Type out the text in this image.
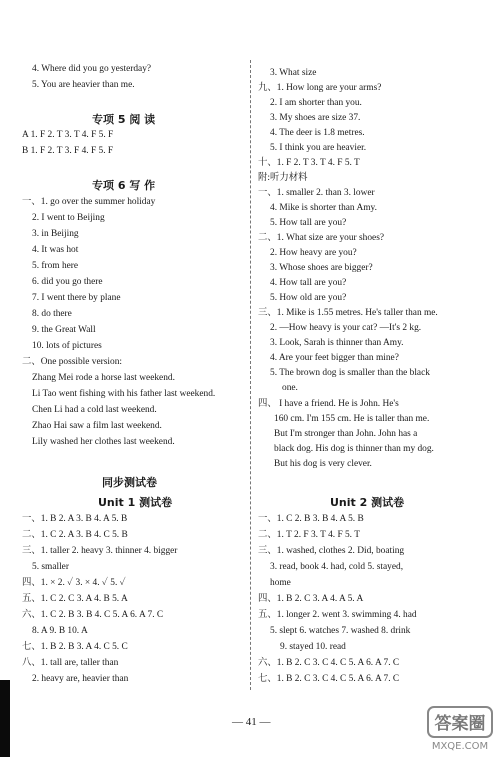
4. Where did you go yesterday?
5. You are heavier than me.
A 1. F 2. T 3. T 4. F 5. F
B 1. F 2. T 3. F 4. F 5. F
一、1. go over the summer holiday
2. I went to Beijing
3. in Beijing
4. It was hot
5. from here
6. did you go there
7. I went there by plane
8. do there
9. the Great Wall
10. lots of pictures
二、One possible version:
Zhang Mei rode a horse last weekend.
Li Tao went fishing with his father last weekend.
Chen Li had a cold last weekend.
Zhao Hai saw a film last weekend.
Lily washed her clothes last weekend.
一、1. B 2. A 3. B 4. A 5. B
二、1. C 2. A 3. B 4. C 5. B
三、1. taller 2. heavy 3. thinner 4. bigger
5. smaller
四、1. × 2. ✓ 3. × 4. ✓ 5. ✓
五、1. C 2. C 3. A 4. B 5. A
六、1. C 2. B 3. B 4. C 5. A 6. A 7. C
8. A 9. B 10. A
七、1. B 2. B 3. A 4. C 5. C
八、1. tall are, taller than
2. heavy are, heavier than
专项 5 阅 读
专项 6 写 作
同步测试卷
Unit 1 测试卷
3. What size
九、1. How long are your arms?
2. I am shorter than you.
3. My shoes are size 37.
4. The deer is 1.8 metres.
5. I think you are heavier.
十、1. F 2. T 3. T 4. F 5. T
附:听力材料
一、1. smaller 2. than 3. lower
4. Mike is shorter than Amy.
5. How tall are you?
二、1. What size are your shoes?
2. How heavy are you?
3. Whose shoes are bigger?
4. How tall are you?
5. How old are you?
三、1. Mike is 1.55 metres. He's taller than me.
2. —How heavy is your cat? —It's 2 kg.
3. Look, Sarah is thinner than Amy.
4. Are your feet bigger than mine?
5. The brown dog is smaller than the black
one.
四、 I have a friend. He is John. He's
160 cm. I'm 155 cm. He is taller than me.
But I'm stronger than John. John has a
black dog. His dog is thinner than my dog.
But his dog is very clever.
一、1. C 2. B 3. B 4. A 5. B
二、1. T 2. F 3. T 4. F 5. T
三、1. washed, clothes 2. Did, boating
3. read, book 4. had, cold 5. stayed,
home
四、1. B 2. C 3. A 4. A 5. A
五、1. longer 2. went 3. swimming 4. had
5. slept 6. watches 7. washed 8. drink
9. stayed 10. read
六、1. B 2. C 3. C 4. C 5. A 6. A 7. C
七、1. B 2. C 3. C 4. C 5. A 6. A 7. C
Unit 2 测试卷
— 41 —	答案圈
MXQE.COM
